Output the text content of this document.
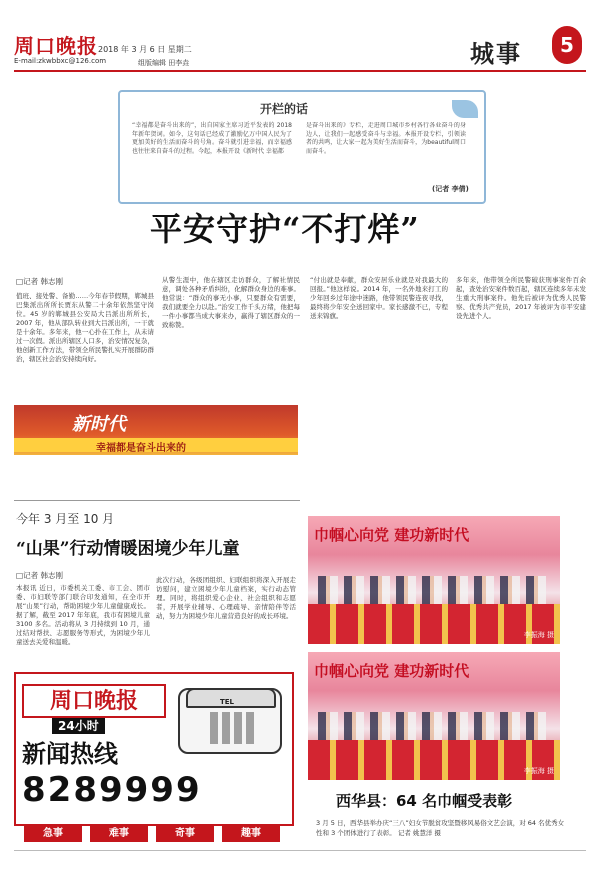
周口晚报 2018 年 3 月 6 日 星期二
E-mail:zkwbbxc@126.com	组版编辑 田李垚	城事	5
开栏的话
“幸福都是奋斗出来的”，出自国家主席习近平发表的 2018 年新年贺词。如今，这句话已经成了激励亿万中国人民为了更加美好的生活而奋斗的号角。奋斗就引进幸福，而幸福感也往往来自奋斗的过程。今起，本报开设《新时代 幸福都
是奋斗出来的》专栏，走进周口城市乡村各行各业奋斗的身边人，让我们一起感受奋斗与幸福。本报开设专栏，引领读者的共鸣，让大家一起为美好生活而奋斗，为beautiful周口而奋斗。
(记者 李倩)
平安守护“不打烊”
□记者 韩志刚
值班、接处警、备勤……今年春节假期，郸城县巴集派出所所长贾东从警二十余年依然坚守岗位。45 岁的郸城县公安局大吕派出所所长，2007 年，他从部队转业到大吕派出所，一干就是十余年。多年来，他一心扑在工作上，从未请过一次假。派出所辖区人口多，治安情况复杂，他创新工作方法，带领全所民警扎实开展群防群治，辖区社会治安持续向好。
从警生涯中，他在辖区走访群众，了解社情民意，调处各种矛盾纠纷，化解群众身边的难事。他常说：“群众的事无小事，只要群众有需要，我们就要全力以赴。”治安工作千头万绪，他把每一件小事都当成大事来办，赢得了辖区群众的一致称赞。
“付出就是奉献，群众安居乐业就是对我最大的回报。”他这样说。2014 年，一名外地来打工的少年回乡过年途中迷路，他带领民警连夜寻找，最终将少年安全送回家中。家长感激不已，专程送来锦旗。
多年来，他带领全所民警破获刑事案件百余起，查处治安案件数百起，辖区连续多年未发生重大刑事案件。他先后被评为优秀人民警察、优秀共产党员，2017 年被评为市平安建设先进个人。
新时代
幸福都是奋斗出来的
今年 3 月至 10 月
“山果”行动情暖困境少年儿童
□记者 韩志刚
本报讯 近日，市委机关工委、市工会、团市委、市妇联等部门联合印发通知，在全市开展“山果”行动，帮助困境少年儿童健康成长。据了解，截至 2017 年年底，我市有困境儿童 3100 多名。活动将从 3 月持续到 10 月，通过结对帮扶、志愿服务等形式，为困境少年儿童送去关爱和温暖。
此次行动，各级团组织、妇联组织将深入开展走访慰问，建立困境少年儿童档案，实行动态管理。同时，将组织爱心企业、社会组织和志愿者，开展学业辅导、心理疏导、亲情陪伴等活动，努力为困境少年儿童营造良好的成长环境。
巾帼心向党 建功新时代
李振海 摄
巾帼心向党 建功新时代
李振海 摄
周口晚报
24小时
新闻热线
8289999
TEL
急事	难事	奇事	趣事
西华县：64 名巾帼受表彰
3 月 5 日，西华县举办庆“三八”妇女节脱贫攻坚暨移风易俗文艺会演，对 64 名优秀女性和 3 个团体进行了表彰。 记者 姚慧洋 摄
